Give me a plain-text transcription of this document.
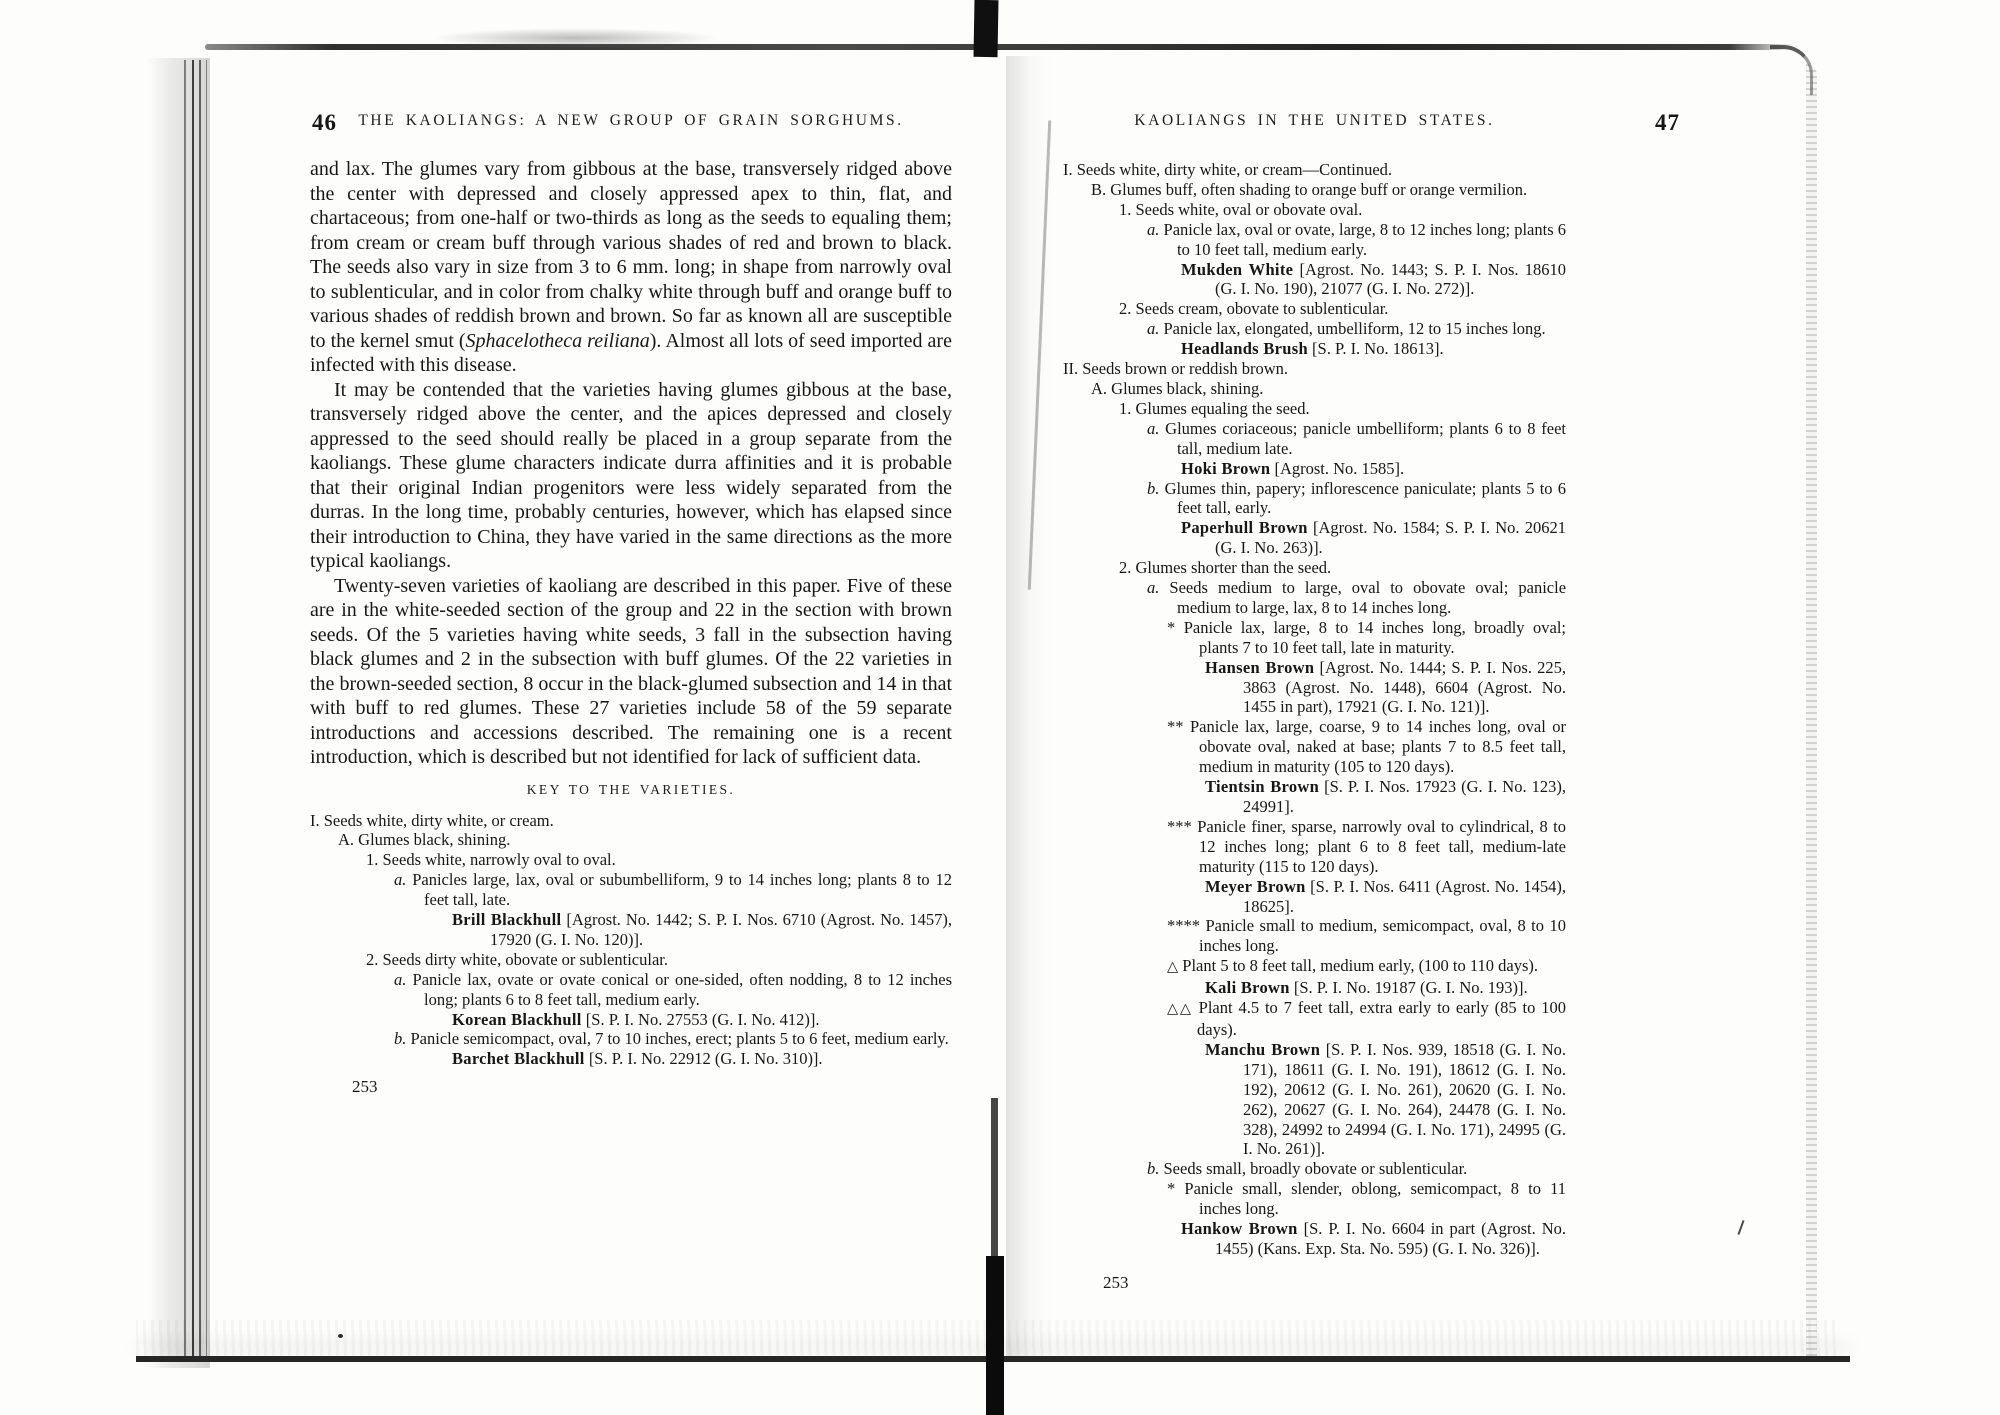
46 THE KAOLIANGS: A NEW GROUP OF GRAIN SORGHUMS.

and lax. The glumes vary from gibbous at the base, transversely ridged above the center with depressed and closely appressed apex to thin, flat, and chartaceous; from one-half or two-thirds as long as the seeds to equaling them; from cream or cream buff through various shades of red and brown to black. The seeds also vary in size from 3 to 6 mm. long; in shape from narrowly oval to sublenticular, and in color from chalky white through buff and orange buff to various shades of reddish brown and brown. So far as known all are susceptible to the kernel smut (Sphacelotheca reiliana). Almost all lots of seed imported are infected with this disease.

It may be contended that the varieties having glumes gibbous at the base, transversely ridged above the center, and the apices depressed and closely appressed to the seed should really be placed in a group separate from the kaoliangs. These glume characters indicate durra affinities and it is probable that their original Indian progenitors were less widely separated from the durras. In the long time, probably centuries, however, which has elapsed since their introduction to China, they have varied in the same directions as the more typical kaoliangs.

Twenty-seven varieties of kaoliang are described in this paper. Five of these are in the white-seeded section of the group and 22 in the section with brown seeds. Of the 5 varieties having white seeds, 3 fall in the subsection having black glumes and 2 in the subsection with buff glumes. Of the 22 varieties in the brown-seeded section, 8 occur in the black-glumed subsection and 14 in that with buff to red glumes. These 27 varieties include 58 of the 59 separate introductions and accessions described. The remaining one is a recent introduction, which is described but not identified for lack of sufficient data.

KEY TO THE VARIETIES.
I. Seeds white, dirty white, or cream.
A. Glumes black, shining.
1. Seeds white, narrowly oval to oval.
a. Panicles large, lax, oval or subumbelliform, 9 to 14 inches long; plants 8 to 12 feet tall, late.
Brill Blackhull [Agrost. No. 1442; S. P. I. Nos. 6710 (Agrost. No. 1457), 17920 (G. I. No. 120)].
2. Seeds dirty white, obovate or sublenticular.
a. Panicle lax, ovate or ovate conical or one-sided, often nodding, 8 to 12 inches long; plants 6 to 8 feet tall, medium early.
Korean Blackhull [S. P. I. No. 27553 (G. I. No. 412)].
b. Panicle semicompact, oval, 7 to 10 inches, erect; plants 5 to 6 feet, medium early.
Barchet Blackhull [S. P. I. No. 22912 (G. I. No. 310)].
253
KAOLIANGS IN THE UNITED STATES.	47
I. Seeds white, dirty white, or cream—Continued.
B. Glumes buff, often shading to orange buff or orange vermilion.
1. Seeds white, oval or obovate oval.
a. Panicle lax, oval or ovate, large, 8 to 12 inches long; plants 6 to 10 feet tall, medium early.
Mukden White [Agrost. No. 1443; S. P. I. Nos. 18610 (G. I. No. 190), 21077 (G. I. No. 272)].
2. Seeds cream, obovate to sublenticular.
a. Panicle lax, elongated, umbelliform, 12 to 15 inches long.
Headlands Brush [S. P. I. No. 18613].
II. Seeds brown or reddish brown.
A. Glumes black, shining.
1. Glumes equaling the seed.
a. Glumes coriaceous; panicle umbelliform; plants 6 to 8 feet tall, medium late.
Hoki Brown [Agrost. No. 1585].
b. Glumes thin, papery; inflorescence paniculate; plants 5 to 6 feet tall, early.
Paperhull Brown [Agrost. No. 1584; S. P. I. No. 20621 (G. I. No. 263)].
2. Glumes shorter than the seed.
a. Seeds medium to large, oval to obovate oval; panicle medium to large, lax, 8 to 14 inches long.
* Panicle lax, large, 8 to 14 inches long, broadly oval; plants 7 to 10 feet tall, late in maturity.
Hansen Brown [Agrost. No. 1444; S. P. I. Nos. 225, 3863 (Agrost. No. 1448), 6604 (Agrost. No. 1455 in part), 17921 (G. I. No. 121)].
** Panicle lax, large, coarse, 9 to 14 inches long, oval or obovate oval, naked at base; plants 7 to 8.5 feet tall, medium in maturity (105 to 120 days).
Tientsin Brown [S. P. I. Nos. 17923 (G. I. No. 123), 24991].
*** Panicle finer, sparse, narrowly oval to cylindrical, 8 to 12 inches long; plant 6 to 8 feet tall, medium-late maturity (115 to 120 days).
Meyer Brown [S. P. I. Nos. 6411 (Agrost. No. 1454), 18625].
**** Panicle small to medium, semicompact, oval, 8 to 10 inches long.
△ Plant 5 to 8 feet tall, medium early, (100 to 110 days).
Kali Brown [S. P. I. No. 19187 (G. I. No. 193)].
△△ Plant 4.5 to 7 feet tall, extra early to early (85 to 100 days).
Manchu Brown [S. P. I. Nos. 939, 18518 (G. I. No. 171), 18611 (G. I. No. 191), 18612 (G. I. No. 192), 20612 (G. I. No. 261), 20620 (G. I. No. 262), 20627 (G. I. No. 264), 24478 (G. I. No. 328), 24992 to 24994 (G. I. No. 171), 24995 (G. I. No. 261)].
b. Seeds small, broadly obovate or sublenticular.
* Panicle small, slender, oblong, semicompact, 8 to 11 inches long.
Hankow Brown [S. P. I. No. 6604 in part (Agrost. No. 1455) (Kans. Exp. Sta. No. 595) (G. I. No. 326)].
253
